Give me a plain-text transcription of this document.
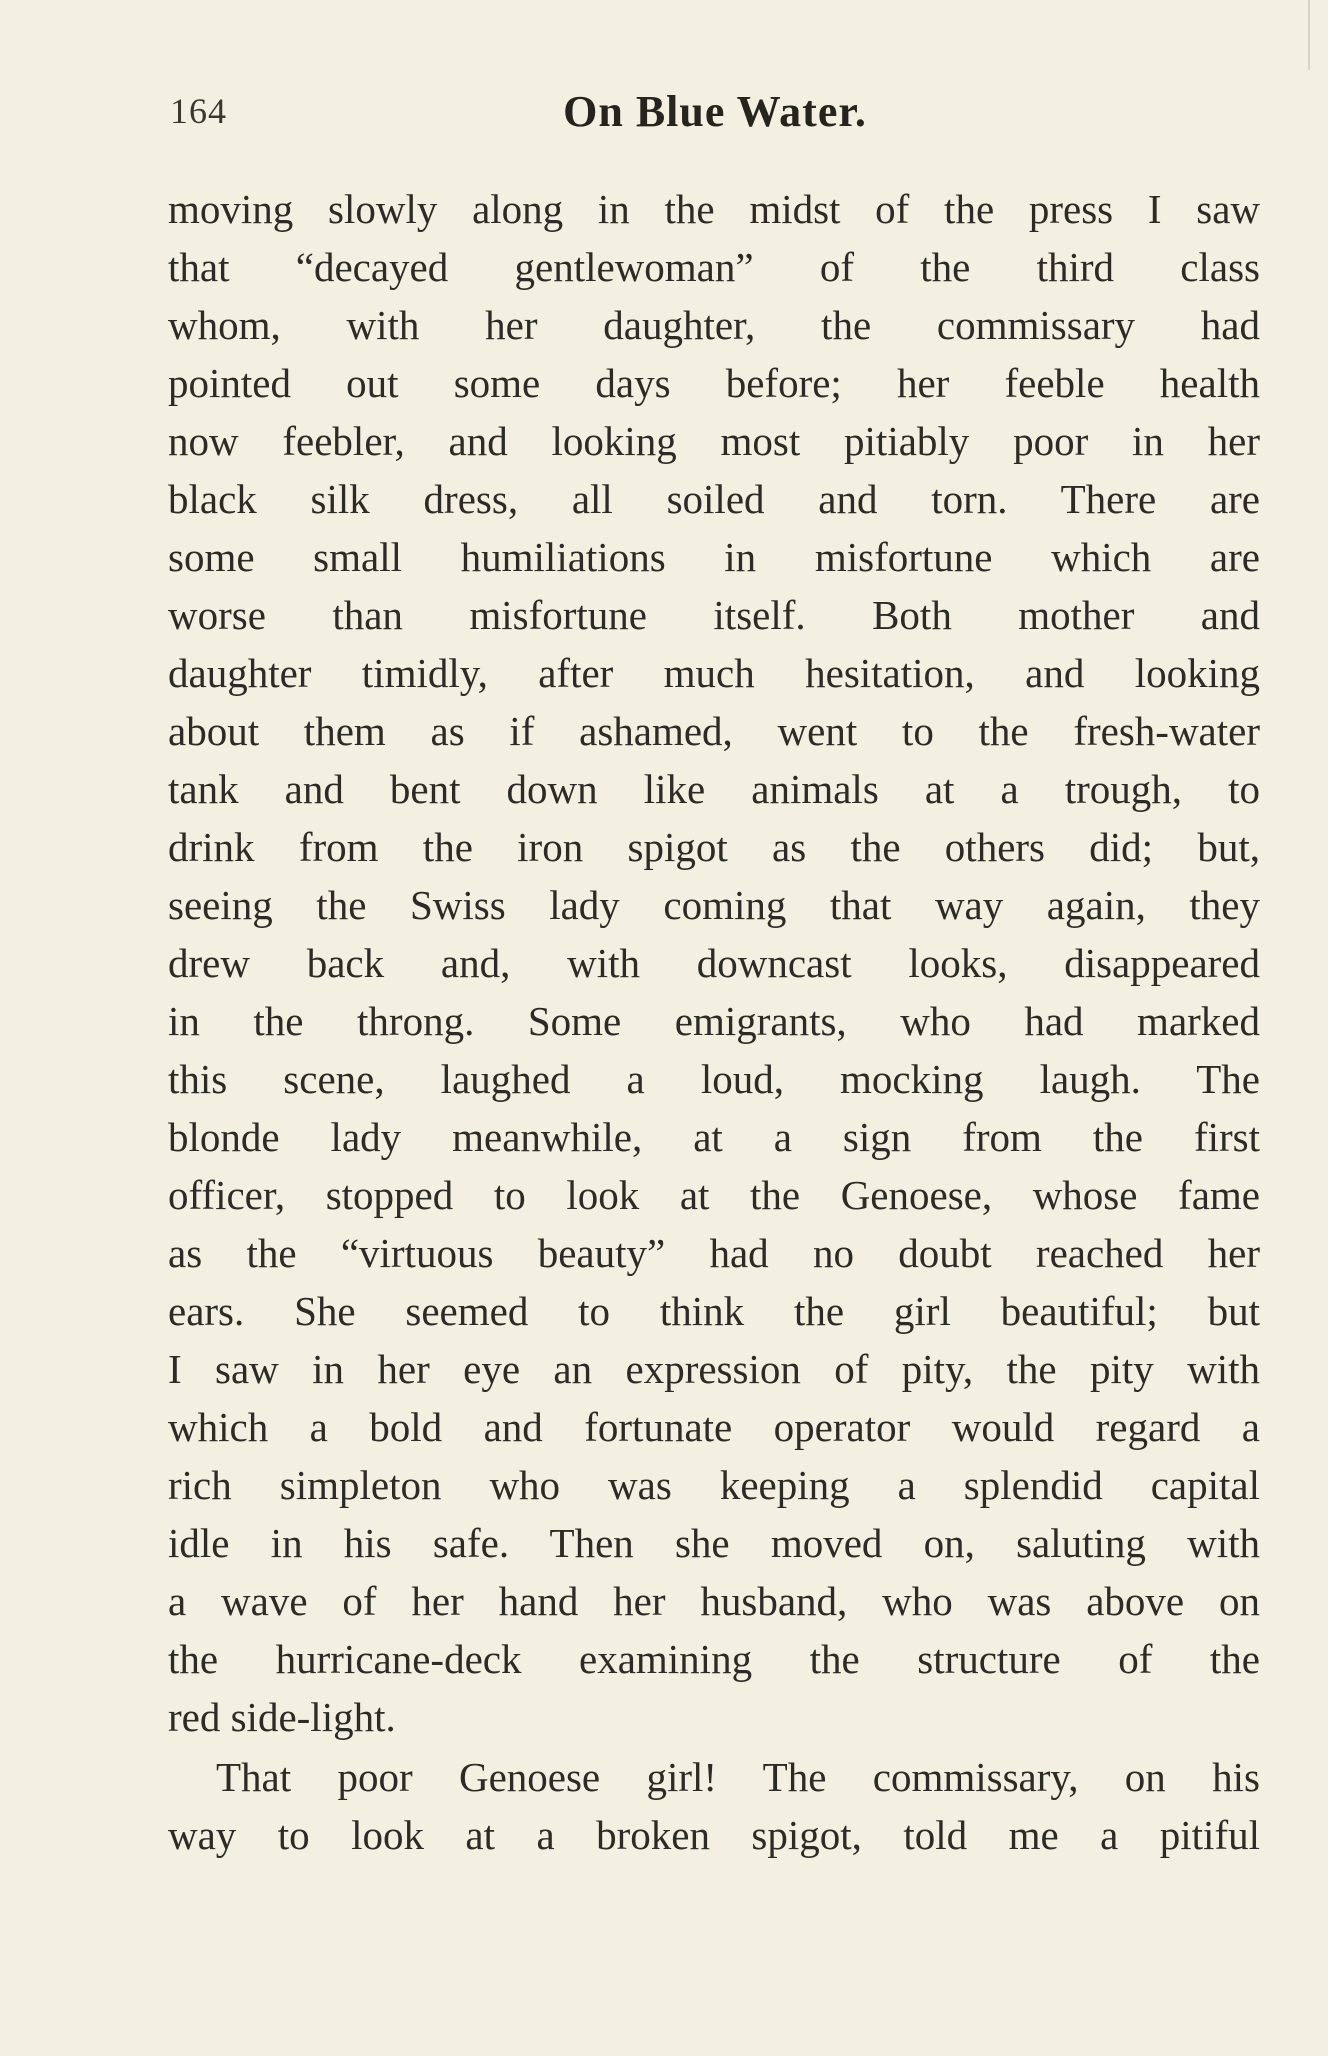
164	On Blue Water.
moving slowly along in the midst of the press I saw
that “decayed gentlewoman” of the third class
whom, with her daughter, the commissary had
pointed out some days before; her feeble health
now feebler, and looking most pitiably poor in her
black silk dress, all soiled and torn. There are
some small humiliations in misfortune which are
worse than misfortune itself. Both mother and
daughter timidly, after much hesitation, and looking
about them as if ashamed, went to the fresh-water
tank and bent down like animals at a trough, to
drink from the iron spigot as the others did; but,
seeing the Swiss lady coming that way again, they
drew back and, with downcast looks, disappeared
in the throng. Some emigrants, who had marked
this scene, laughed a loud, mocking laugh. The
blonde lady meanwhile, at a sign from the first
officer, stopped to look at the Genoese, whose fame
as the “virtuous beauty” had no doubt reached her
ears. She seemed to think the girl beautiful; but
I saw in her eye an expression of pity, the pity with
which a bold and fortunate operator would regard a
rich simpleton who was keeping a splendid capital
idle in his safe. Then she moved on, saluting with
a wave of her hand her husband, who was above on
the hurricane-deck examining the structure of the
red side-light.
That poor Genoese girl! The commissary, on his
way to look at a broken spigot, told me a pitiful
